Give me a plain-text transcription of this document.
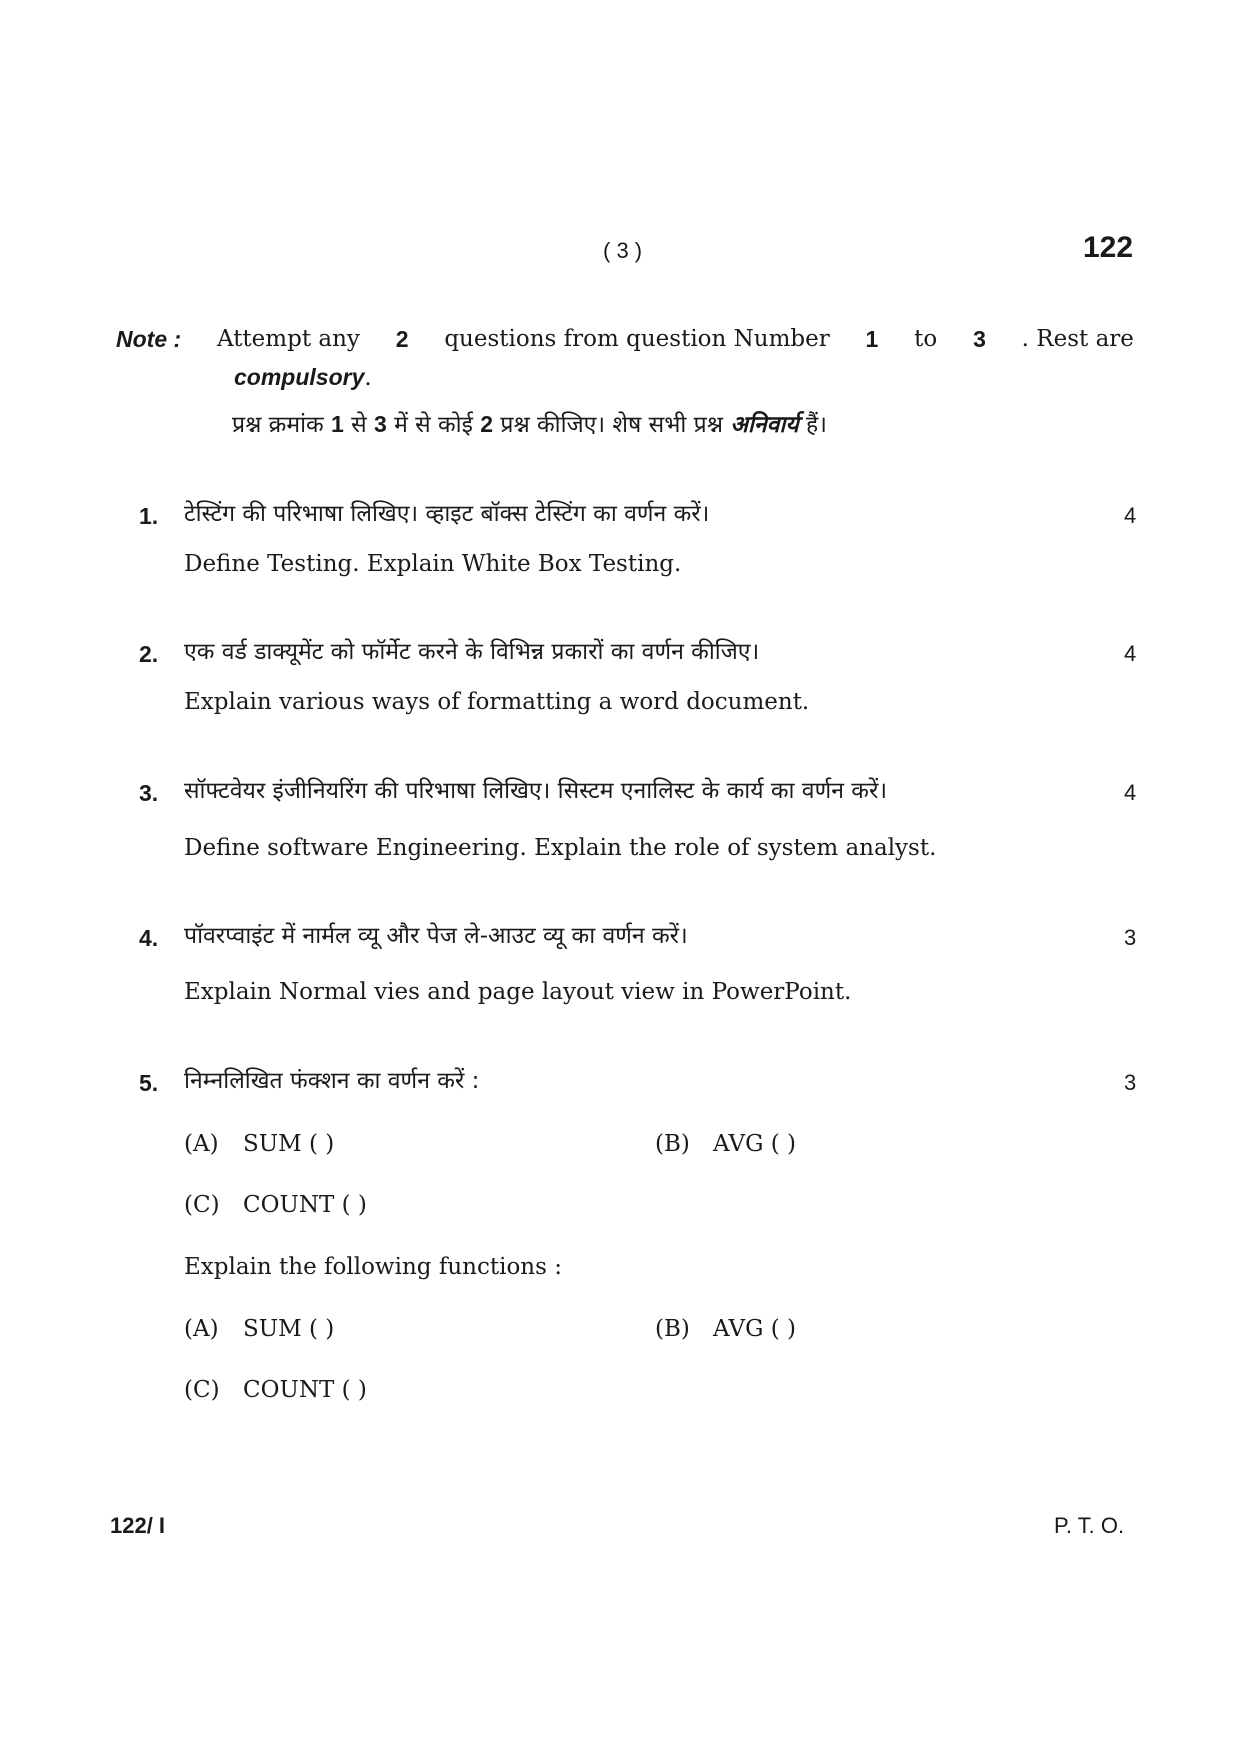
( 3 )	122
Note : Attempt any 2 questions from question Number 1 to 3 . Rest are
compulsory.
प्रश्न क्रमांक 1 से 3 में से कोई 2 प्रश्न कीजिए। शेष सभी प्रश्न अनिवार्य हैं।
1. टेस्टिंग की परिभाषा लिखिए। व्हाइट बॉक्स टेस्टिंग का वर्णन करें।	4
Define Testing. Explain White Box Testing.
2. एक वर्ड डाक्यूमेंट को फॉर्मेट करने के विभिन्न प्रकारों का वर्णन कीजिए।	4
Explain various ways of formatting a word document.
3. सॉफ्टवेयर इंजीनियरिंग की परिभाषा लिखिए। सिस्टम एनालिस्ट के कार्य का वर्णन करें।	4
Define software Engineering. Explain the role of system analyst.
4. पॉवरप्वाइंट में नार्मल व्यू और पेज ले-आउट व्यू का वर्णन करें।	3
Explain Normal vies and page layout view in PowerPoint.
5. निम्नलिखित फंक्शन का वर्णन करें :	3
(A) SUM ( )	(B) AVG ( )
(C) COUNT ( )
Explain the following functions :
(A) SUM ( )	(B) AVG ( )
(C) COUNT ( )
122/ I	P. T. O.
